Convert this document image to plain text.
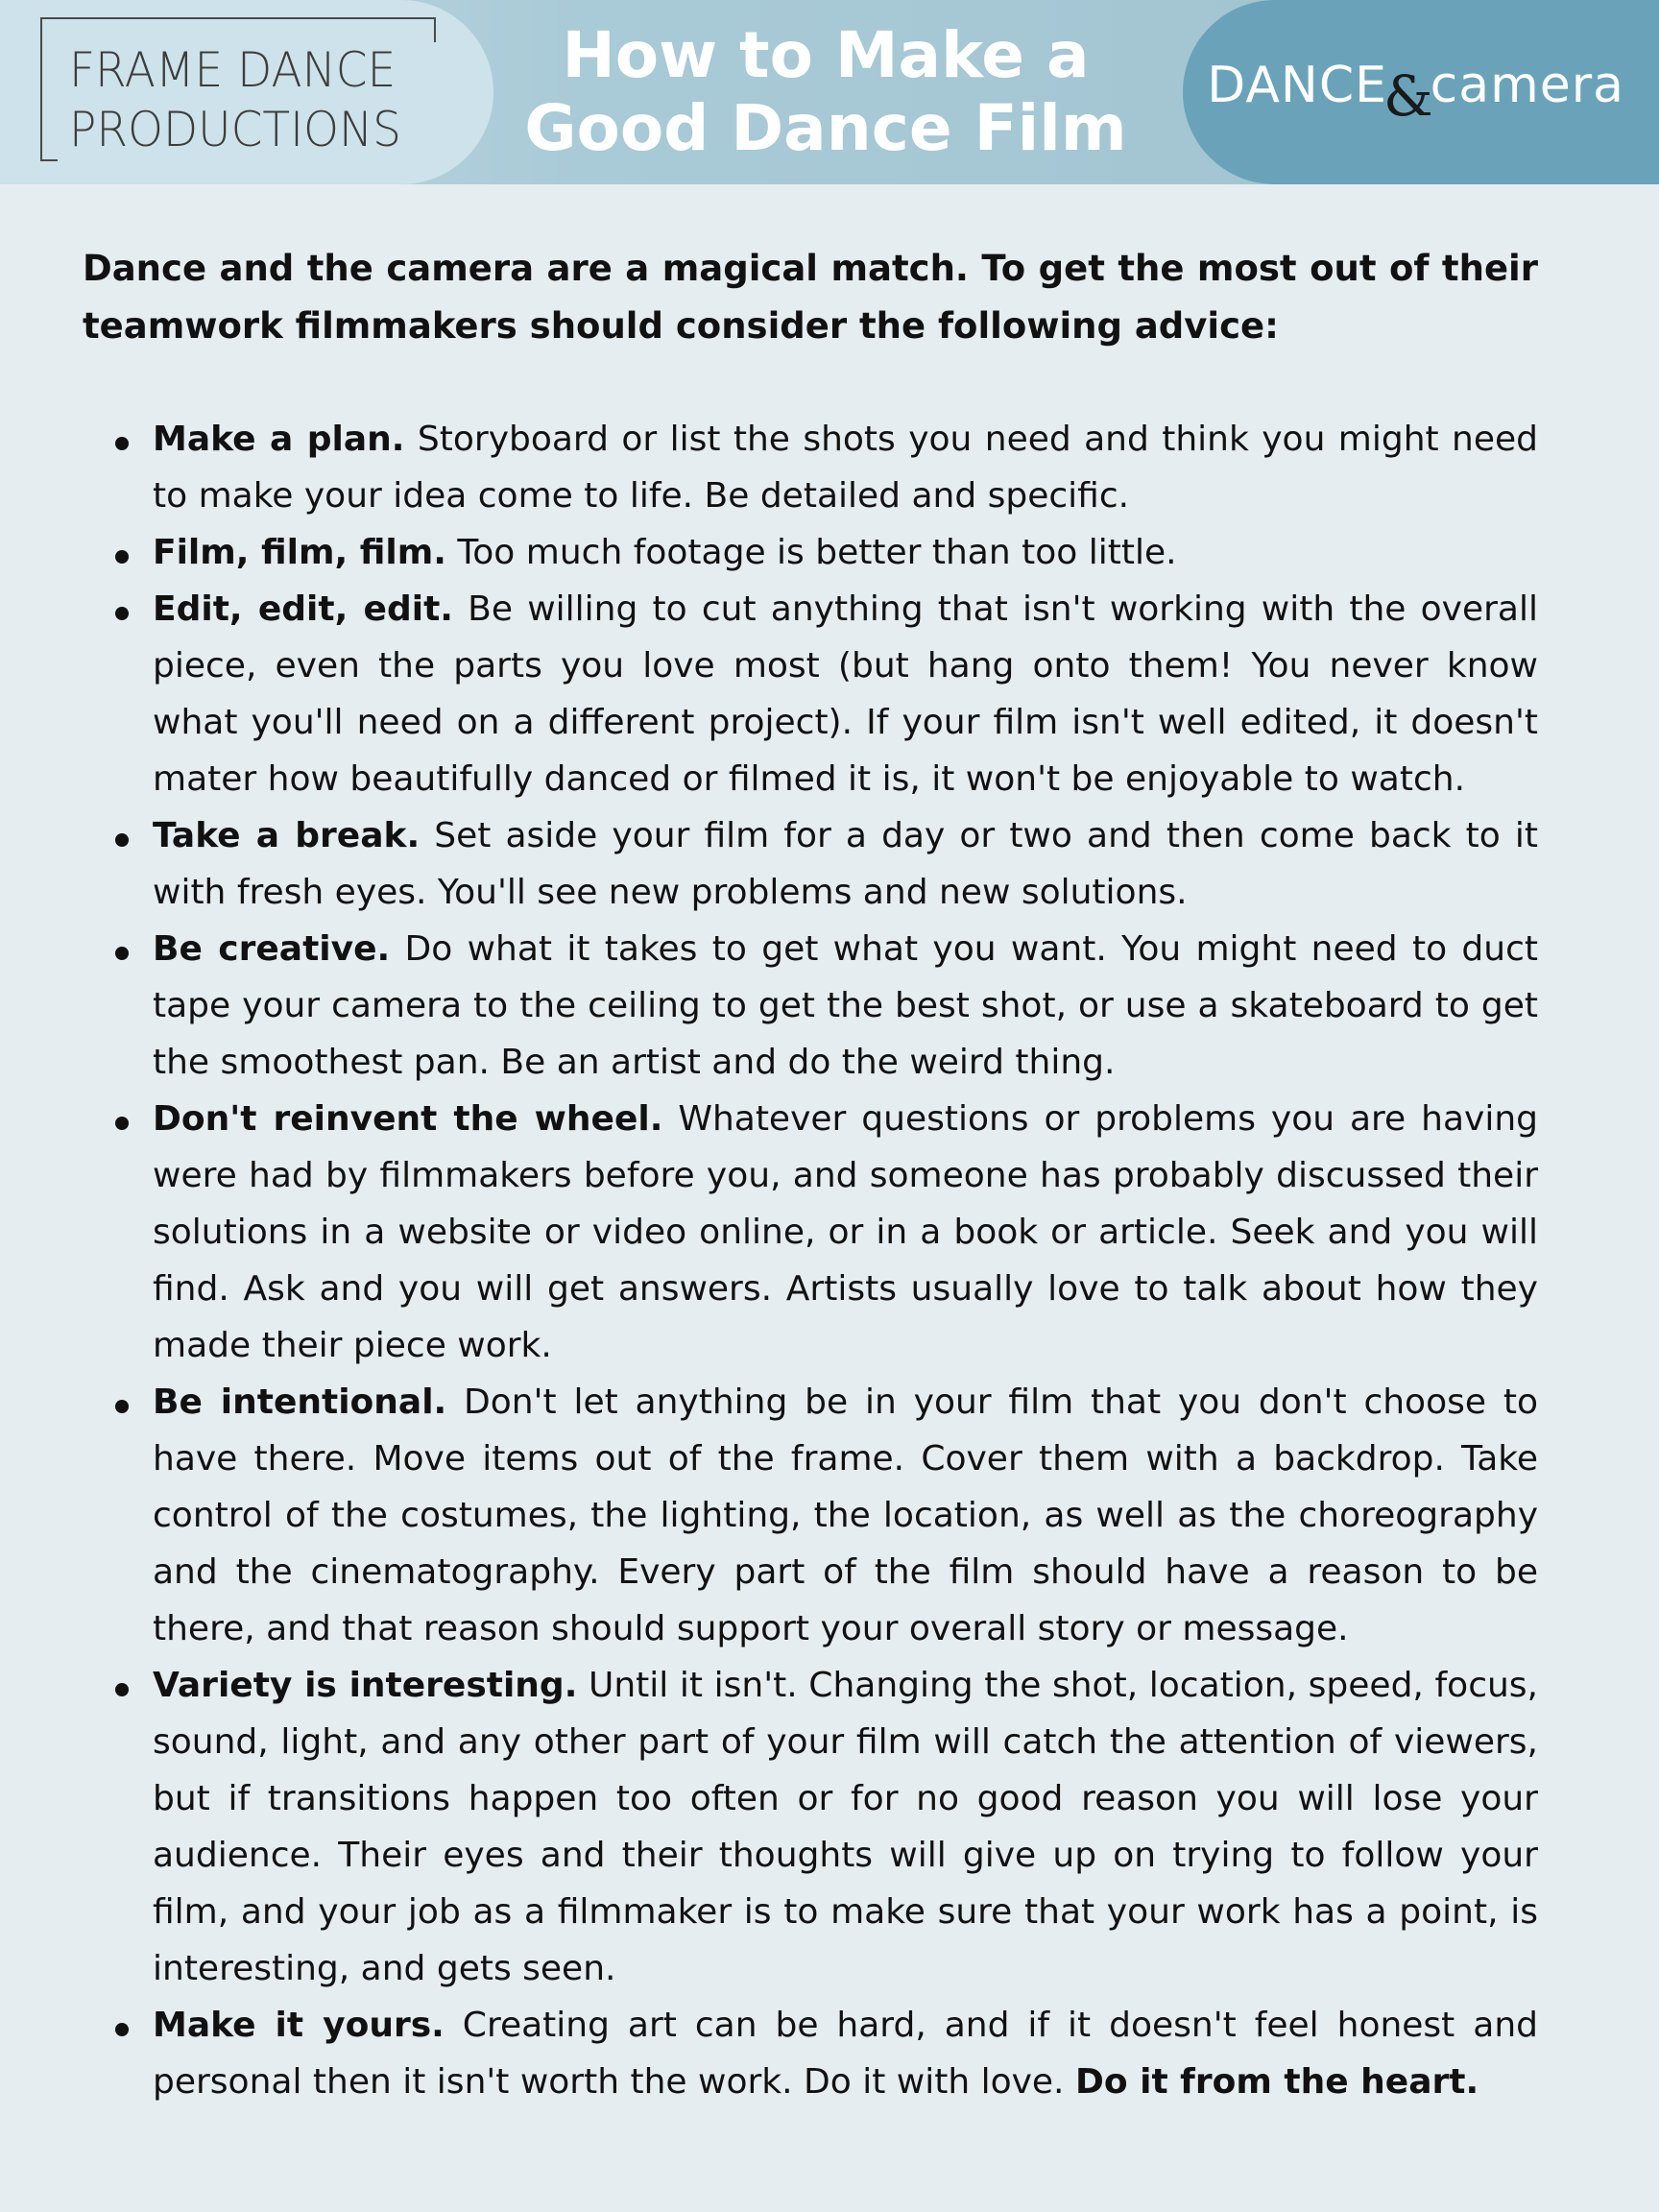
FRAME DANCE

PRODUCTIONS

How to Make a
Good Dance Film
DANCE&camera

Dance and the camera are a magical match. To get the most out of their teamwork filmmakers should consider the following advice:

Make a plan. Storyboard or list the shots you need and think you might need to make your idea come to life. Be detailed and specific.
Film, film, film. Too much footage is better than too little.
Edit, edit, edit. Be willing to cut anything that isn't working with the overall piece, even the parts you love most (but hang onto them! You never know what you'll need on a different project). If your film isn't well edited, it doesn't mater how beautifully danced or filmed it is, it won't be enjoyable to watch.
Take a break. Set aside your film for a day or two and then come back to it with fresh eyes. You'll see new problems and new solutions.
Be creative. Do what it takes to get what you want. You might need to duct tape your camera to the ceiling to get the best shot, or use a skateboard to get the smoothest pan. Be an artist and do the weird thing.
Don't reinvent the wheel. Whatever questions or problems you are having were had by filmmakers before you, and someone has probably discussed their solutions in a website or video online, or in a book or article. Seek and you will find. Ask and you will get answers. Artists usually love to talk about how they made their piece work.
Be intentional. Don't let anything be in your film that you don't choose to have there. Move items out of the frame. Cover them with a backdrop. Take control of the costumes, the lighting, the location, as well as the choreography and the cinematography. Every part of the film should have a reason to be there, and that reason should support your overall story or message.
Variety is interesting. Until it isn't. Changing the shot, location, speed, focus, sound, light, and any other part of your film will catch the attention of viewers, but if transitions happen too often or for no good reason you will lose your audience. Their eyes and their thoughts will give up on trying to follow your film, and your job as a filmmaker is to make sure that your work has a point, is interesting, and gets seen.
Make it yours. Creating art can be hard, and if it doesn't feel honest and personal then it isn't worth the work. Do it with love. Do it from the heart.
